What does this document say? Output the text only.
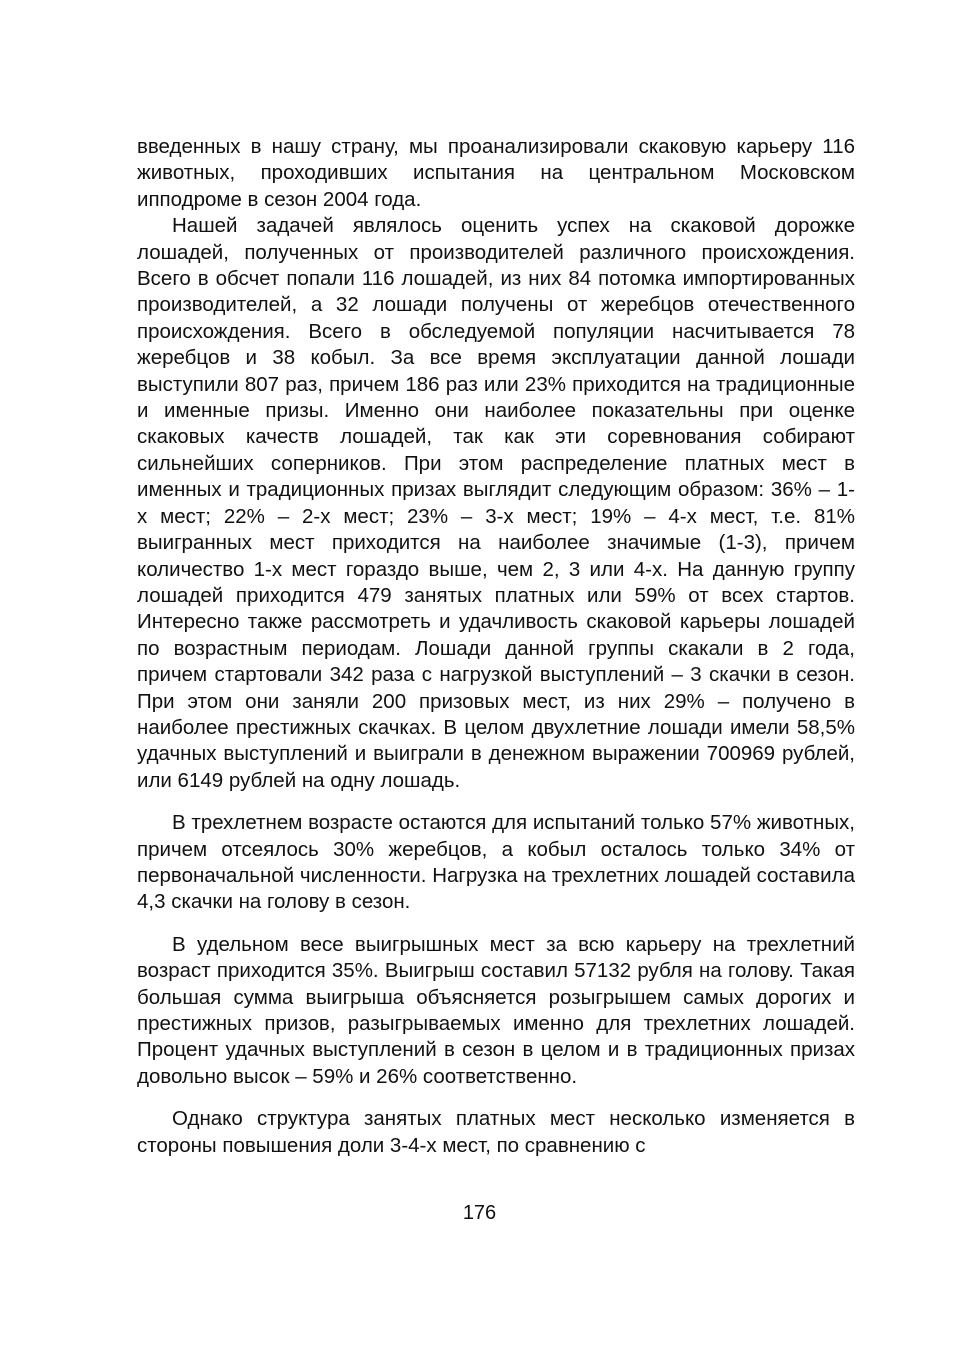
введенных в нашу страну, мы проанализировали скаковую карьеру 116 животных, проходивших испытания на центральном Московском ипподроме в сезон 2004 года.

Нашей задачей являлось оценить успех на скаковой дорожке лошадей, полученных от производителей различного происхождения. Всего в обсчет попали 116 лошадей, из них 84 потомка импортированных производителей, а 32 лошади получены от жеребцов отечественного происхождения. Всего в обследуемой популяции насчитывается 78 жеребцов и 38 кобыл. За все время эксплуатации данной лошади выступили 807 раз, причем 186 раз или 23% приходится на традиционные и именные призы. Именно они наиболее показательны при оценке скаковых качеств лошадей, так как эти соревнования собирают сильнейших соперников. При этом распределение платных мест в именных и традиционных призах выглядит следующим образом: 36% – 1-х мест; 22% – 2-х мест; 23% – 3-х мест; 19% – 4-х мест, т.е. 81% выигранных мест приходится на наиболее значимые (1-3), причем количество 1-х мест гораздо выше, чем 2, 3 или 4-х. На данную группу лошадей приходится 479 занятых платных или 59% от всех стартов. Интересно также рассмотреть и удачливость скаковой карьеры лошадей по возрастным периодам. Лошади данной группы скакали в 2 года, причем стартовали 342 раза с нагрузкой выступлений – 3 скачки в сезон. При этом они заняли 200 призовых мест, из них 29% – получено в наиболее престижных скачках. В целом двухлетние лошади имели 58,5% удачных выступлений и выиграли в денежном выражении 700969 рублей, или 6149 рублей на одну лошадь.

В трехлетнем возрасте остаются для испытаний только 57% животных, причем отсеялось 30% жеребцов, а кобыл осталось только 34% от первоначальной численности. Нагрузка на трехлетних лошадей составила 4,3 скачки на голову в сезон.

В удельном весе выигрышных мест за всю карьеру на трехлетний возраст приходится 35%. Выигрыш составил 57132 рубля на голову. Такая большая сумма выигрыша объясняется розыгрышем самых дорогих и престижных призов, разыгрываемых именно для трехлетних лошадей. Процент удачных выступлений в сезон в целом и в традиционных призах довольно высок – 59% и 26% соответственно.

Однако структура занятых платных мест несколько изменяется в стороны повышения доли 3-4-х мест, по сравнению с

176
